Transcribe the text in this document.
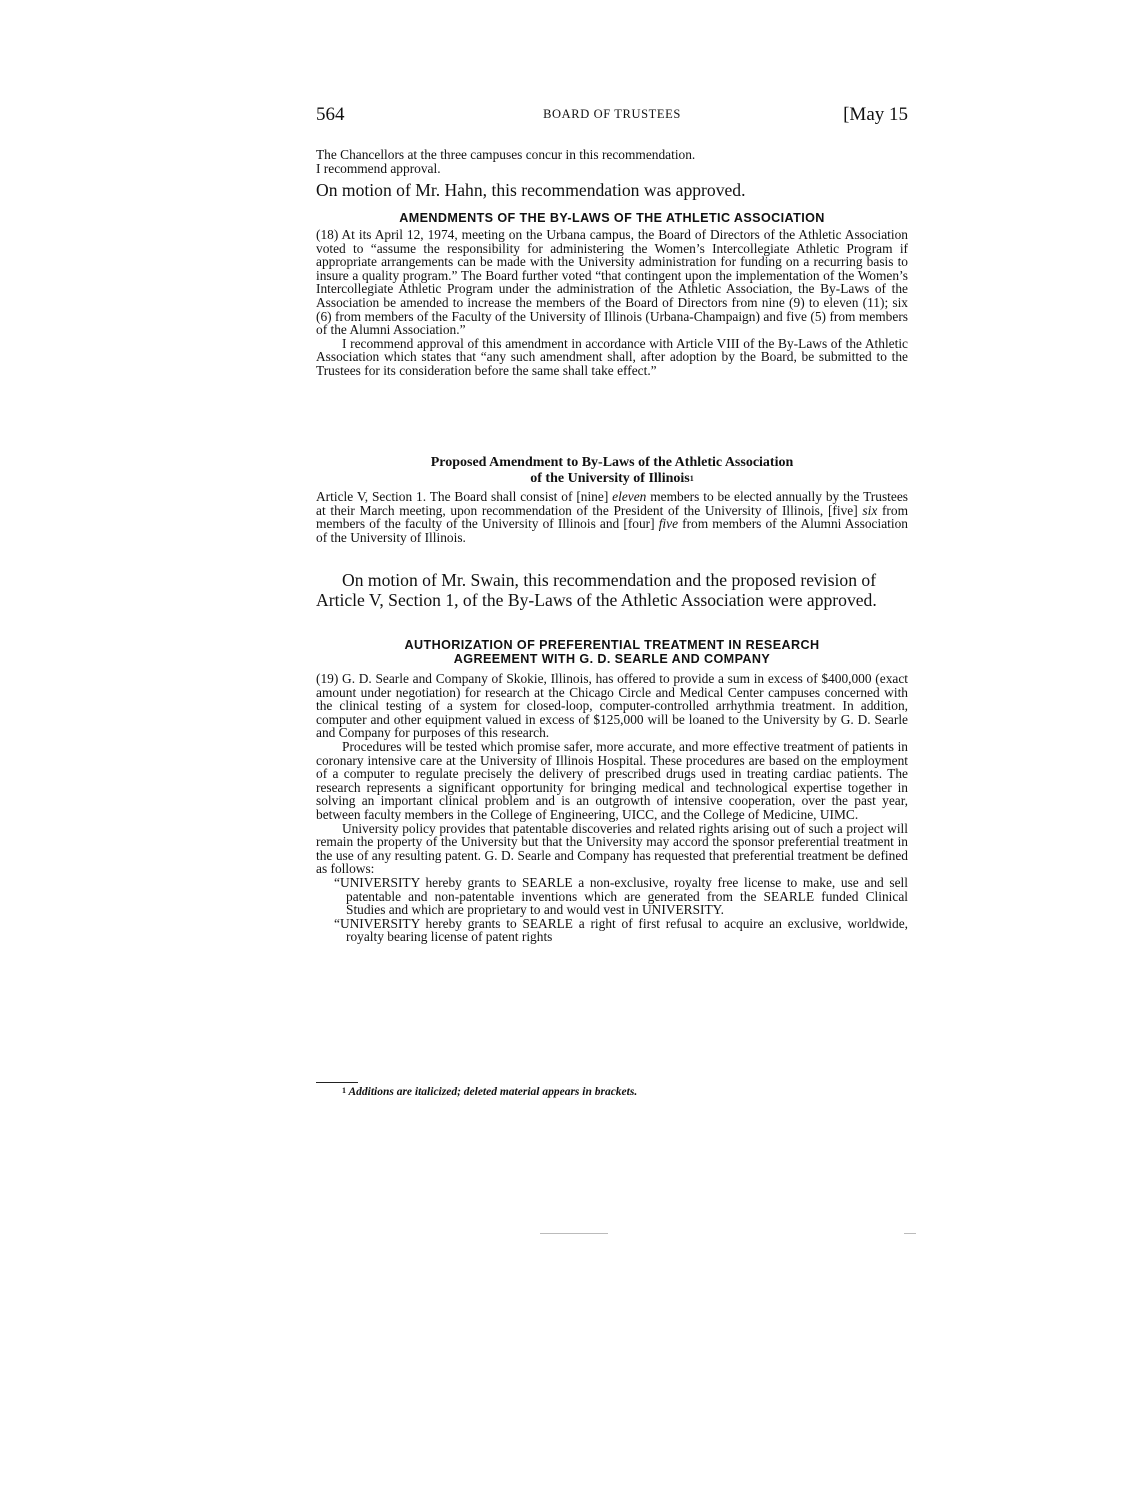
564	BOARD OF TRUSTEES	[May 15

The Chancellors at the three campuses concur in this recommendation.

I recommend approval.

On motion of Mr. Hahn, this recommendation was approved.

AMENDMENTS OF THE BY-LAWS OF THE ATHLETIC ASSOCIATION

(18) At its April 12, 1974, meeting on the Urbana campus, the Board of Directors of the Athletic Association voted to “assume the responsibility for administering the Women’s Intercollegiate Athletic Program if appropriate arrangements can be made with the University administration for funding on a recurring basis to insure a quality program.” The Board further voted “that contingent upon the implementation of the Women’s Intercollegiate Athletic Program under the administration of the Athletic Association, the By-Laws of the Association be amended to increase the members of the Board of Directors from nine (9) to eleven (11); six (6) from members of the Faculty of the University of Illinois (Urbana-Champaign) and five (5) from members of the Alumni Association.”

I recommend approval of this amendment in accordance with Article VIII of the By-Laws of the Athletic Association which states that “any such amendment shall, after adoption by the Board, be submitted to the Trustees for its consideration before the same shall take effect.”

Proposed Amendment to By-Laws of the Athletic Association
of the University of Illinois$^1$

Article V, Section 1. The Board shall consist of [nine] eleven members to be elected annually by the Trustees at their March meeting, upon recommendation of the President of the University of Illinois, [five] six from members of the faculty of the University of Illinois and [four] five from members of the Alumni Association of the University of Illinois.

On motion of Mr. Swain, this recommendation and the proposed revision of Article V, Section 1, of the By-Laws of the Athletic Association were approved.

AUTHORIZATION OF PREFERENTIAL TREATMENT IN RESEARCH
AGREEMENT WITH G. D. SEARLE AND COMPANY

(19) G. D. Searle and Company of Skokie, Illinois, has offered to provide a sum in excess of $400,000 (exact amount under negotiation) for research at the Chicago Circle and Medical Center campuses concerned with the clinical testing of a system for closed-loop, computer-controlled arrhythmia treatment. In addition, computer and other equipment valued in excess of $125,000 will be loaned to the University by G. D. Searle and Company for purposes of this research.

Procedures will be tested which promise safer, more accurate, and more effective treatment of patients in coronary intensive care at the University of Illinois Hospital. These procedures are based on the employment of a computer to regulate precisely the delivery of prescribed drugs used in treating cardiac patients. The research represents a significant opportunity for bringing medical and technological expertise together in solving an important clinical problem and is an outgrowth of intensive cooperation, over the past year, between faculty members in the College of Engineering, UICC, and the College of Medicine, UIMC.

University policy provides that patentable discoveries and related rights arising out of such a project will remain the property of the University but that the University may accord the sponsor preferential treatment in the use of any resulting patent. G. D. Searle and Company has requested that preferential treatment be defined as follows:

“UNIVERSITY hereby grants to SEARLE a non-exclusive, royalty free license to make, use and sell patentable and non-patentable inventions which are generated from the SEARLE funded Clinical Studies and which are proprietary to and would vest in UNIVERSITY.

“UNIVERSITY hereby grants to SEARLE a right of first refusal to acquire an exclusive, worldwide, royalty bearing license of patent rights

$^1$ Additions are italicized; deleted material appears in brackets.
